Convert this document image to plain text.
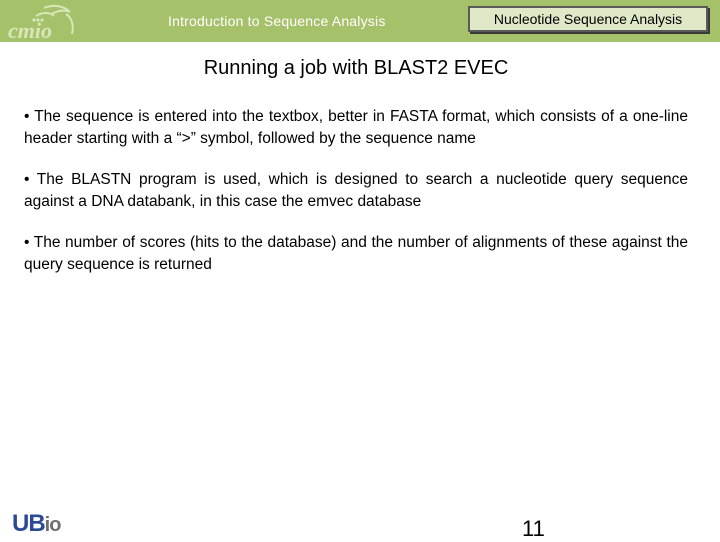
cmio	Introduction to Sequence Analysis	Nucleotide Sequence Analysis
Running a job with BLAST2 EVEC

• The sequence is entered into the textbox, better in FASTA format, which consists of a one-line header starting with a “>” symbol, followed by the sequence name

• The BLASTN program is used, which is designed to search a nucleotide query sequence against a DNA databank, in this case the emvec database

• The number of scores (hits to the database) and the number of alignments of these against the query sequence is returned

UBio	11
